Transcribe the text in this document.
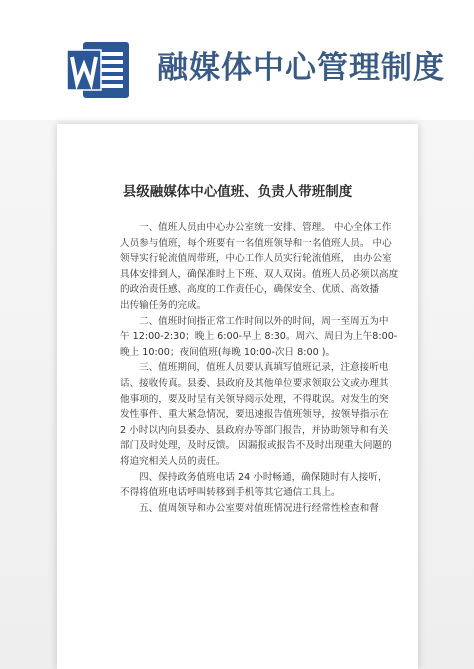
融媒体中心管理制度
县级融媒体中心值班、负责人带班制度

一、值班人员由中心办公室统一安排、管理。 中心全体工作

人员参与值班，每个班要有一名值班领导和一名值班人员。 中心

领导实行轮流值周带班，中心工作人员实行轮流值班， 由办公室

具体安排到人，确保准时上下班、双人双岗。值班人员必须以高度

的政治责任感、高度的工作责任心，确保安全、优质、高效播

出传输任务的完成。

二、值班时间指正常工作时间以外的时间，周一至周五为中

午 12:00-2:30；晚上 6:00-早上 8:30。周六、周日为上午8:00-

晚上 10:00；夜间值班(每晚 10:00-次日 8:00 )。

三、值班期间，值班人员要认真填写值班记录，注意接听电

话、接收传真。县委、县政府及其他单位要求领取公文或办理其

他事项的，要及时呈有关领导阅示处理，不得耽误。对发生的突

发性事件、重大紧急情况，要迅速报告值班领导，按领导指示在

2 小时以内向县委办、县政府办等部门报告，并协助领导和有关

部门及时处理，及时反馈。 因漏报或报告不及时出现重大问题的

将追究相关人员的责任。

四、保持政务值班电话 24 小时畅通，确保随时有人接听，

不得将值班电话呼叫转移到手机等其它通信工具上。

五、值周领导和办公室要对值班情况进行经常性检查和督
